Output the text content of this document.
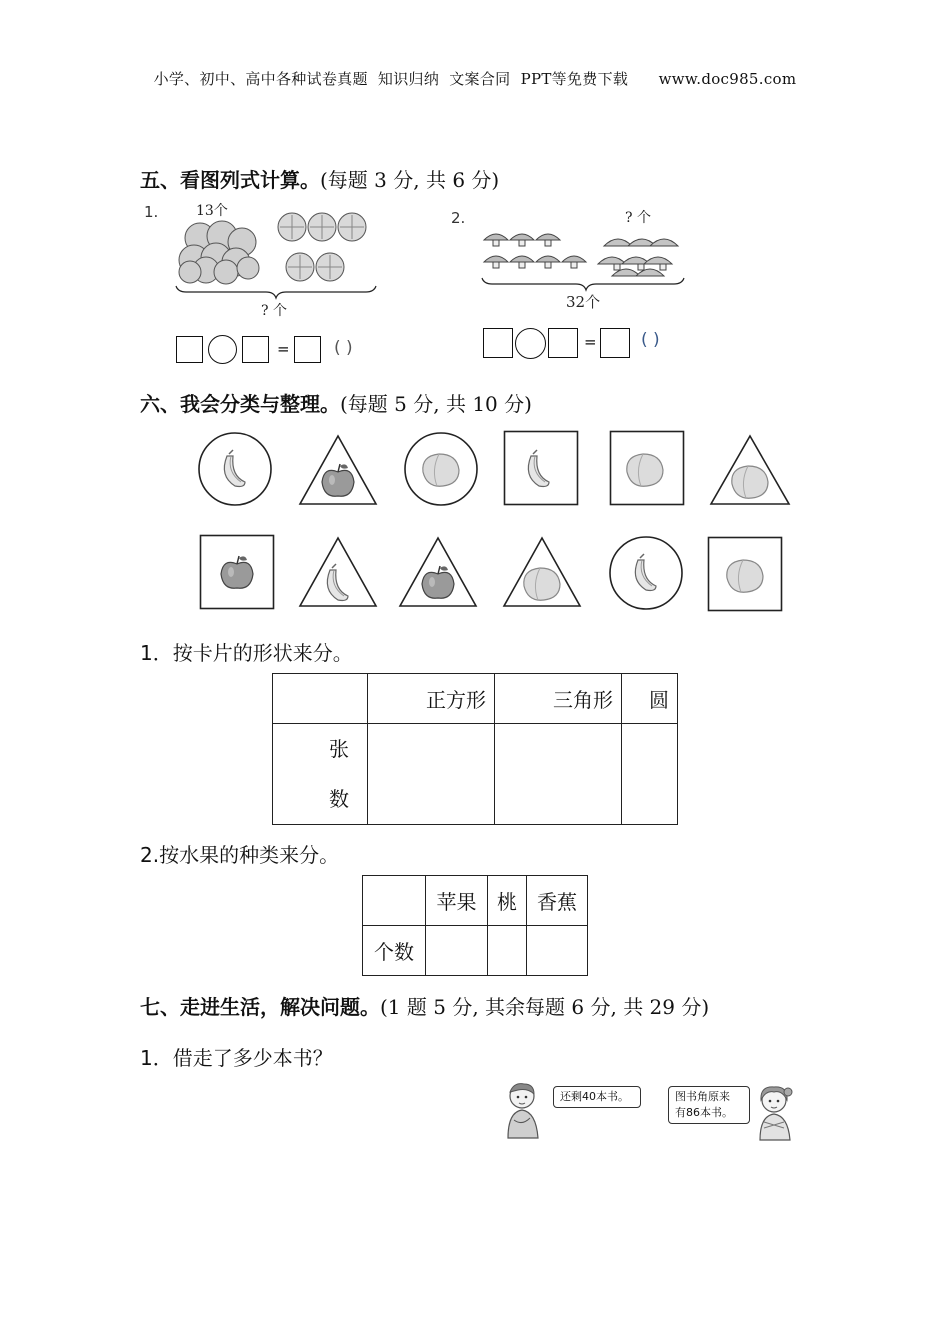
小学、初中、高中各种试卷真题  知识归纳  文案合同  PPT等免费下载 www.doc985.com
五、看图列式计算。(每题 3 分, 共 6 分)
1.	13个
? 个
=	( )
2.	? 个
32个
=	( )
六、我会分类与整理。(每题 5 分, 共 10 分)
1．按卡片的形状来分。
	正方形	三角形	圆

张
数			

2.按水果的种类来分。
	苹果	桃	香蕉
个数			
七、走进生活，解决问题。(1 题 5 分, 其余每题 6 分, 共 29 分)
1．借走了多少本书？
还剩40本书。	图书角原来
有86本书。
